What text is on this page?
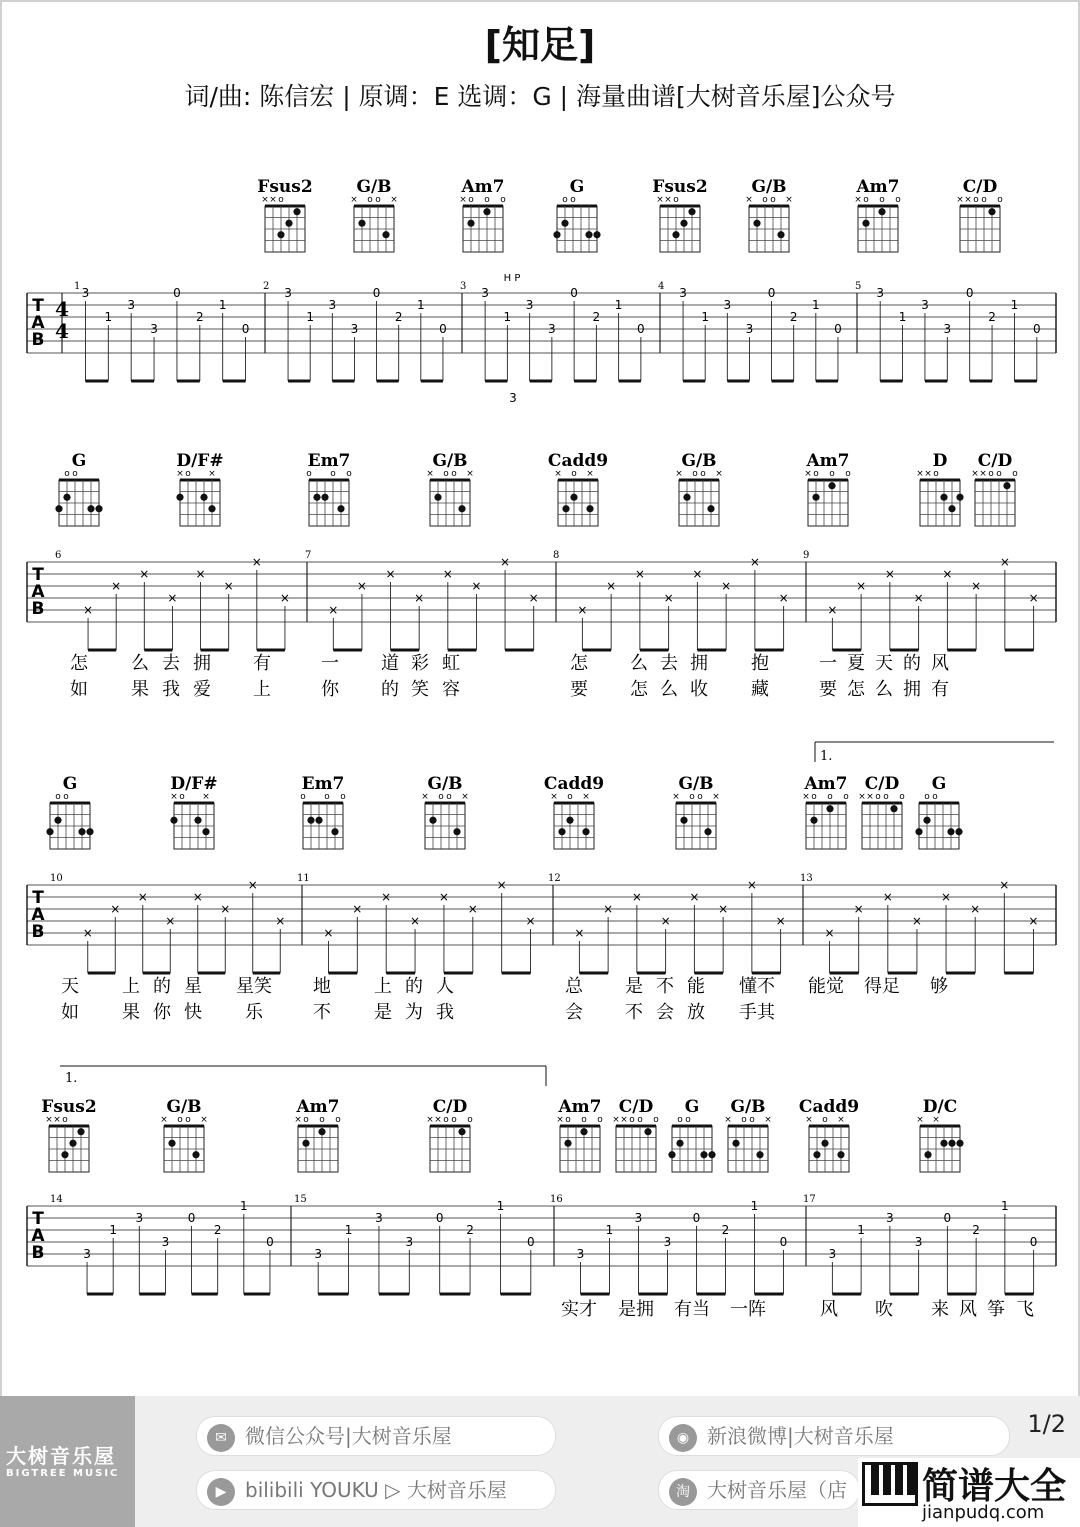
[知足]
词/曲: 陈信宏 | 原调：E 选调：G | 海量曲谱[大树音乐屋]公众号
Fsus2
× × o
G/B
× o o ×
Am7
× o o o
G
o o
Fsus2
× × o
G/B
× o o ×
Am7
× o o o
C/D
× × o o o
T
A
B
1	2	3	4	5
3
1
3
3
0
2
1
0
3
1
3
3
0
2
1
0
3
1
3
3
0
2
1
0
3
1
3
3
0
2
1
0
3
1
3
3
0
2
1
0
G
o o
D/F#
× o ×
Em7
o o o
G/B
× o o ×
Cadd9
× o ×
G/B
× o o ×
Am7
× o o o
D
× × o
C/D
× × o o o
T
A
B
6	7	8	9
×
×
×
×
×
×
×
×
×
×
×
×
×
×
×
×
×
×
×
×
×
×
×
×
×
×
×
×
×
×
×
×
怎 么 去 拥 有	一 道 彩 虹	怎 么 去 拥 抱	一 夏 天 的 风
如 果 我 爱 上	你 的 笑 容	要 怎 么 收 藏	要 怎 么 拥 有
G
o o
D/F#
× o ×
Em7
o o o
G/B
× o o ×
Cadd9
× o ×
G/B
× o o ×
Am7
× o o o
C/D
× × o o o
G
o o
T
A
B
10	11	12	13
×
×
×
×
×
×
×
×
×
×
×
×
×
×
×
×
×
×
×
×
×
×
×
×
×
×
×
×
×
×
×
×
天 上 的 星 星笑 地 上 的 人	总 是 不 能 懂不 能觉 得足 够
如 果 你 快 乐	不 是 为 我	会 不 会 放 手其
Fsus2
× × o
G/B
× o o ×
Am7
× o o o
C/D
× × o o o
Am7
× o o o
C/D
× × o o o
G
o o
G/B
× o o ×
Cadd9
× o ×
D/C
× ×
T
A
B
14	15	16	17
3
1
3
3
0
2
1
0
3
1
3
3
0
2
1
0
3
1
3
3
0
2
1
0
3
1
3
3
0
2
1
0
实才 是拥 有当 一阵	风 吹 来 风 筝 飞
4
4
H P
3
1.
1.
大树音乐屋
BIGTREE MUSIC
✉ 微信公众号|大树音乐屋	◉ 新浪微博|大树音乐屋
▶ bilibili YOUKU ▷ 大树音乐屋	淘 大树音乐屋（店
1/2
简谱大全
jianpudq.com
